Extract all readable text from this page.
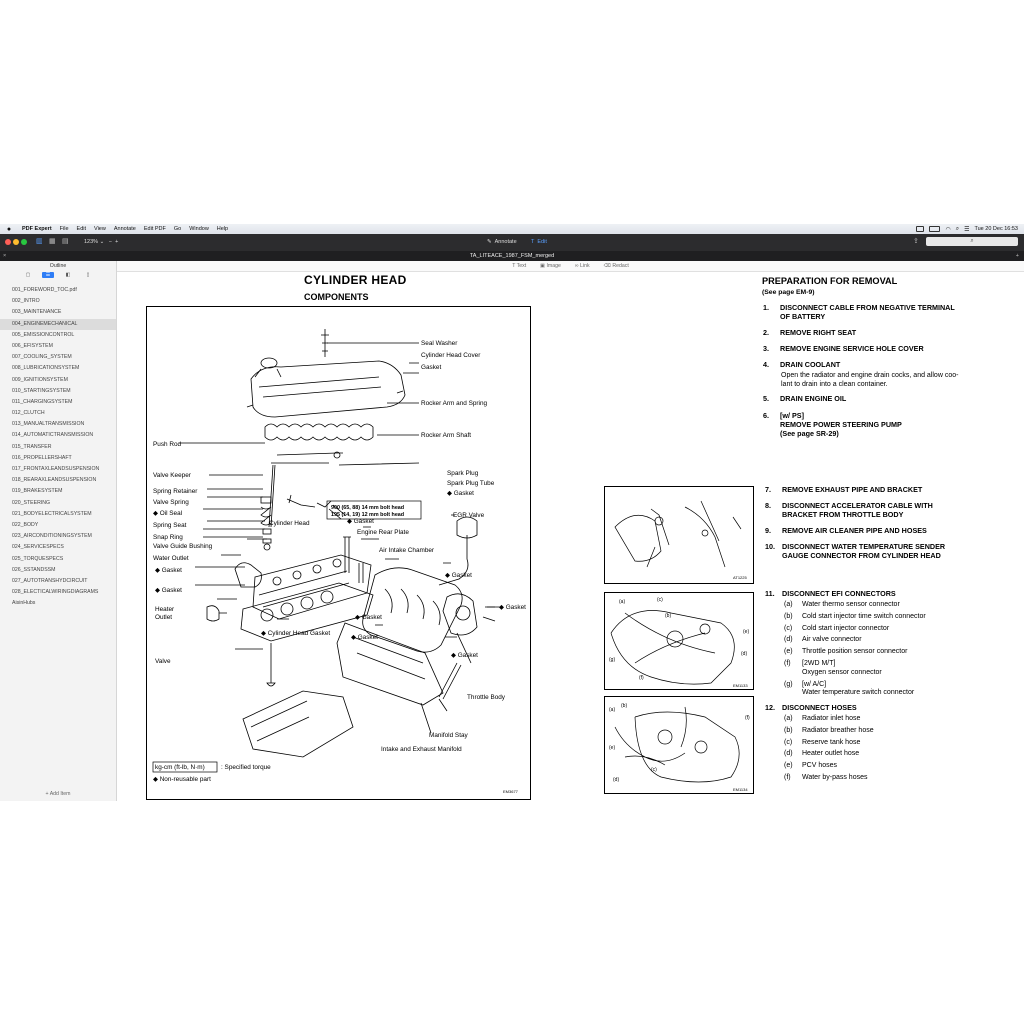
●	PDF Expert	File	Edit	View	Annotate	Edit PDF	Go	Window	Help	◠ ⌕ ☰ Tue 20 Dec 16:53
▥ ▦ ▤	123% ⌄   −  +	✎ Annotate	T Edit	⇪	⌕
×	TA_LITEACE_1987_FSM_merged	+
Outline
▢	☰	◧	▯
001_FOREWORD_TOC.pdf
002_INTRO
003_MAINTENANCE
004_ENGINEMECHANICAL
005_EMISSIONCONTROL
006_EFISYSTEM
007_COOLING_SYSTEM
008_LUBRICATIONSYSTEM
009_IGNITIONSYSTEM
010_STARTINGSYSTEM
011_CHARGINGSYSTEM
012_CLUTCH
013_MANUALTRANSMISSION
014_AUTOMATICTRANSMISSION
015_TRANSFER
016_PROPELLERSHAFT
017_FRONTAXLEANDSUSPENSION
018_REARAXLEANDSUSPENSION
019_BRAKESYSTEM
020_STEERING
021_BODYELECTRICALSYSTEM
022_BODY
023_AIRCONDITIONINGSYSTEM
024_SERVICESPECS
025_TORQUESPECS
026_SSTANDSSM
027_AUTOTRANSHYDCIRCUIT
028_ELECTICALWIRINGDIAGRAMS
AisinHubs
+ Add Item
T Text	▣ Image	∞ Link	⌫ Redact
CYLINDER HEAD
COMPONENTS
Seal Washer
Cylinder Head Cover
Gasket
Rocker Arm and Spring
Rocker Arm Shaft
Push Rod
Valve Keeper	Spark Plug
Spark Plug Tube
◆ Gasket
Spring Retainer
Valve Spring
◆ Oil Seal
Spring Seat
Snap Ring
Valve Guide Bushing
Water Outlet
◆ Gasket
Cylinder Head
◆ Gasket
Heater
Outlet
◆ Cylinder Head Gasket
Valve
◆ Gasket
Engine Rear Plate
EGR Valve
Air Intake Chamber
◆ Gasket
◆ Gasket
◆ Gasket
◆ Gasket
◆ Gasket
Throttle Body
Manifold Stay
Intake and Exhaust Manifold
900 (65, 88) 14 mm bolt head
195 (14, 19) 12 mm bolt head
kg-cm (ft-lb, N·m)	: Specified torque
◆ Non-reusable part
EM3677
PREPARATION FOR REMOVAL
(See page EM-9)
1. DISCONNECT CABLE FROM NEGATIVE TERMINAL
OF BATTERY
2. REMOVE RIGHT SEAT
3. REMOVE ENGINE SERVICE HOLE COVER
4. DRAIN COOLANT
Open the radiator and engine drain cocks, and allow coo-
lant to drain into a clean container.
5. DRAIN ENGINE OIL
6. [w/ PS]
REMOVE POWER STEERING PUMP
(See page SR-29)
AT1225
7. REMOVE EXHAUST PIPE AND BRACKET
8. DISCONNECT ACCELERATOR CABLE WITH
BRACKET FROM THROTTLE BODY
9. REMOVE AIR CLEANER PIPE AND HOSES
10. DISCONNECT WATER TEMPERATURE SENDER
GAUGE CONNECTOR FROM CYLINDER HEAD
(a)	(c)
(b)
(e)
(g)
(f)
(d)
EM1133
11. DISCONNECT EFI CONNECTORS
(a) Water thermo sensor connector
(b) Cold start injector time switch connector
(c) Cold start injector connector
(d) Air valve connector
(e) Throttle position sensor connector
(f) [2WD M/T]
Oxygen sensor connector
(g) [w/ A/C]
Water temperature switch connector
(a)
(b)
(f)
(e)
(c)
(d)
EM1134
12. DISCONNECT HOSES
(a) Radiator inlet hose
(b) Radiator breather hose
(c) Reserve tank hose
(d) Heater outlet hose
(e) PCV hoses
(f) Water by-pass hoses
